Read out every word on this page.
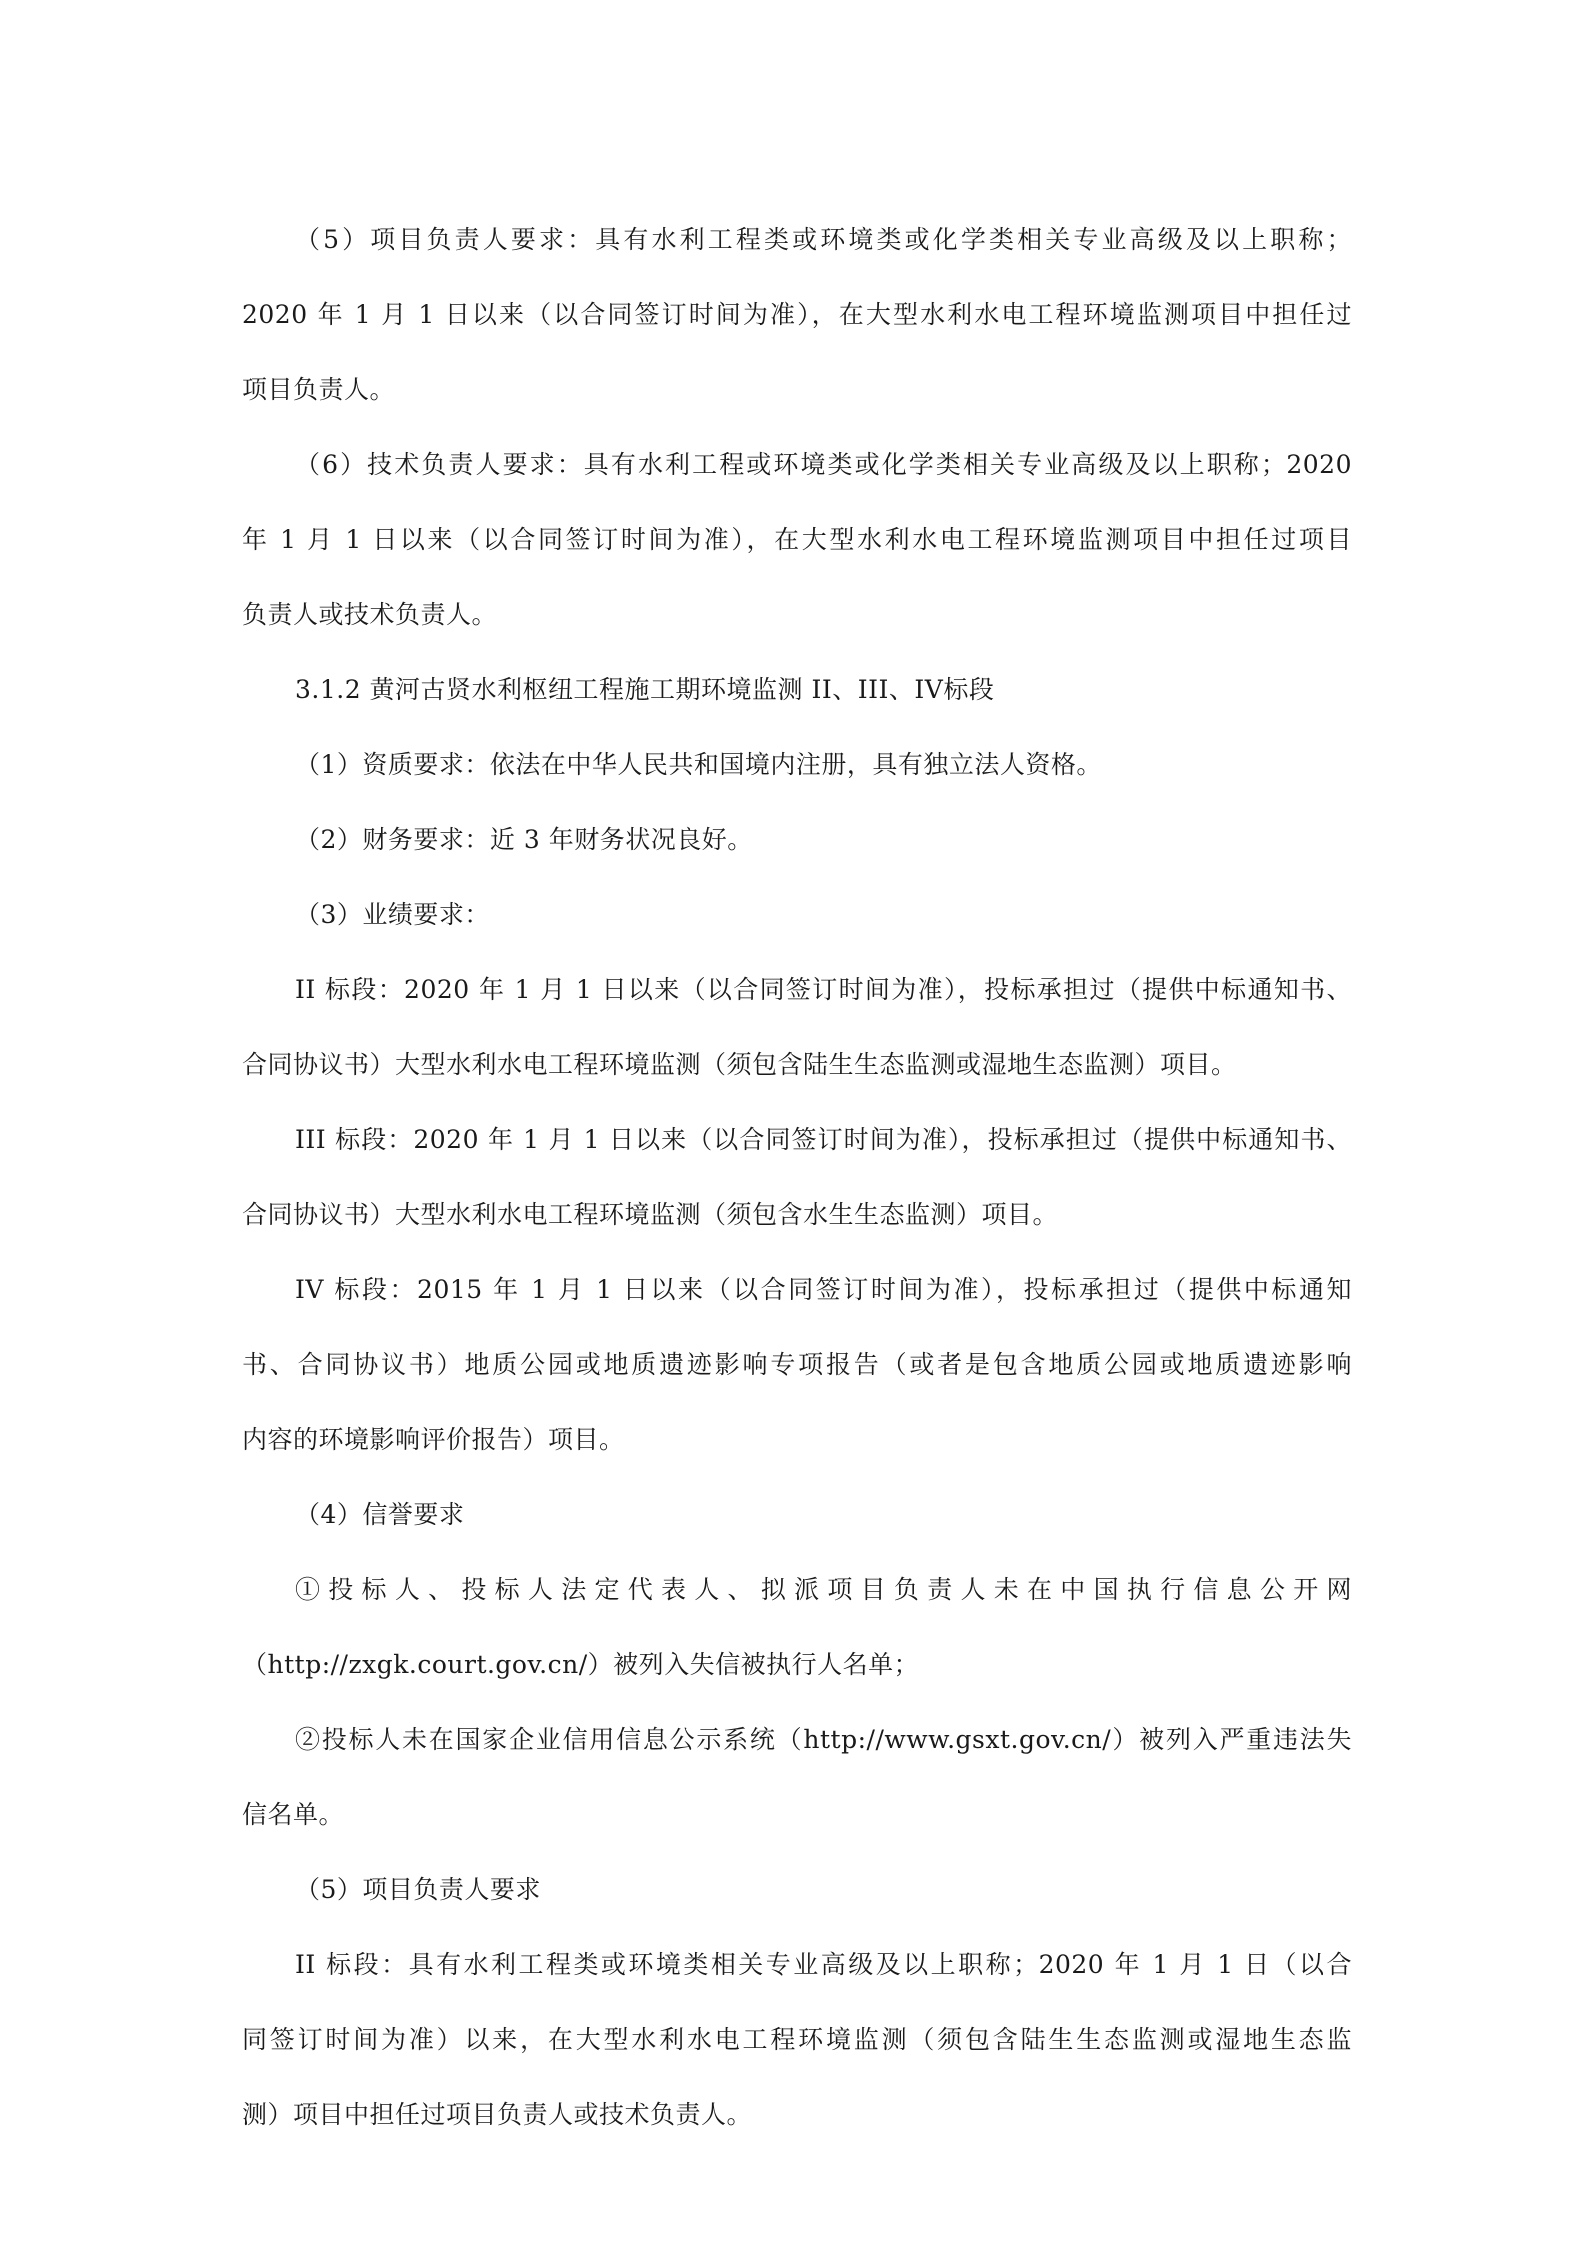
（5）项目负责人要求：具有水利工程类或环境类或化学类相关专业高级及以上职称；
2020 年 1 月 1 日以来（以合同签订时间为准），在大型水利水电工程环境监测项目中担任过
项目负责人。
（6）技术负责人要求：具有水利工程或环境类或化学类相关专业高级及以上职称；2020
年 1 月 1 日以来（以合同签订时间为准），在大型水利水电工程环境监测项目中担任过项目
负责人或技术负责人。
3.1.2 黄河古贤水利枢纽工程施工期环境监测 II、III、IV标段
（1）资质要求：依法在中华人民共和国境内注册，具有独立法人资格。
（2）财务要求：近 3 年财务状况良好。
（3）业绩要求：
II 标段：2020 年 1 月 1 日以来（以合同签订时间为准），投标承担过（提供中标通知书、
合同协议书）大型水利水电工程环境监测（须包含陆生生态监测或湿地生态监测）项目。
III 标段：2020 年 1 月 1 日以来（以合同签订时间为准），投标承担过（提供中标通知书、
合同协议书）大型水利水电工程环境监测（须包含水生生态监测）项目。
IV 标段：2015 年 1 月 1 日以来（以合同签订时间为准），投标承担过（提供中标通知
书、合同协议书）地质公园或地质遗迹影响专项报告（或者是包含地质公园或地质遗迹影响
内容的环境影响评价报告）项目。
（4）信誉要求
①投标人、投标人法定代表人、拟派项目负责人未在中国执行信息公开网
（http://zxgk.court.gov.cn/）被列入失信被执行人名单；
②投标人未在国家企业信用信息公示系统（http://www.gsxt.gov.cn/）被列入严重违法失
信名单。
（5）项目负责人要求
II 标段：具有水利工程类或环境类相关专业高级及以上职称；2020 年 1 月 1 日（以合
同签订时间为准）以来，在大型水利水电工程环境监测（须包含陆生生态监测或湿地生态监
测）项目中担任过项目负责人或技术负责人。
